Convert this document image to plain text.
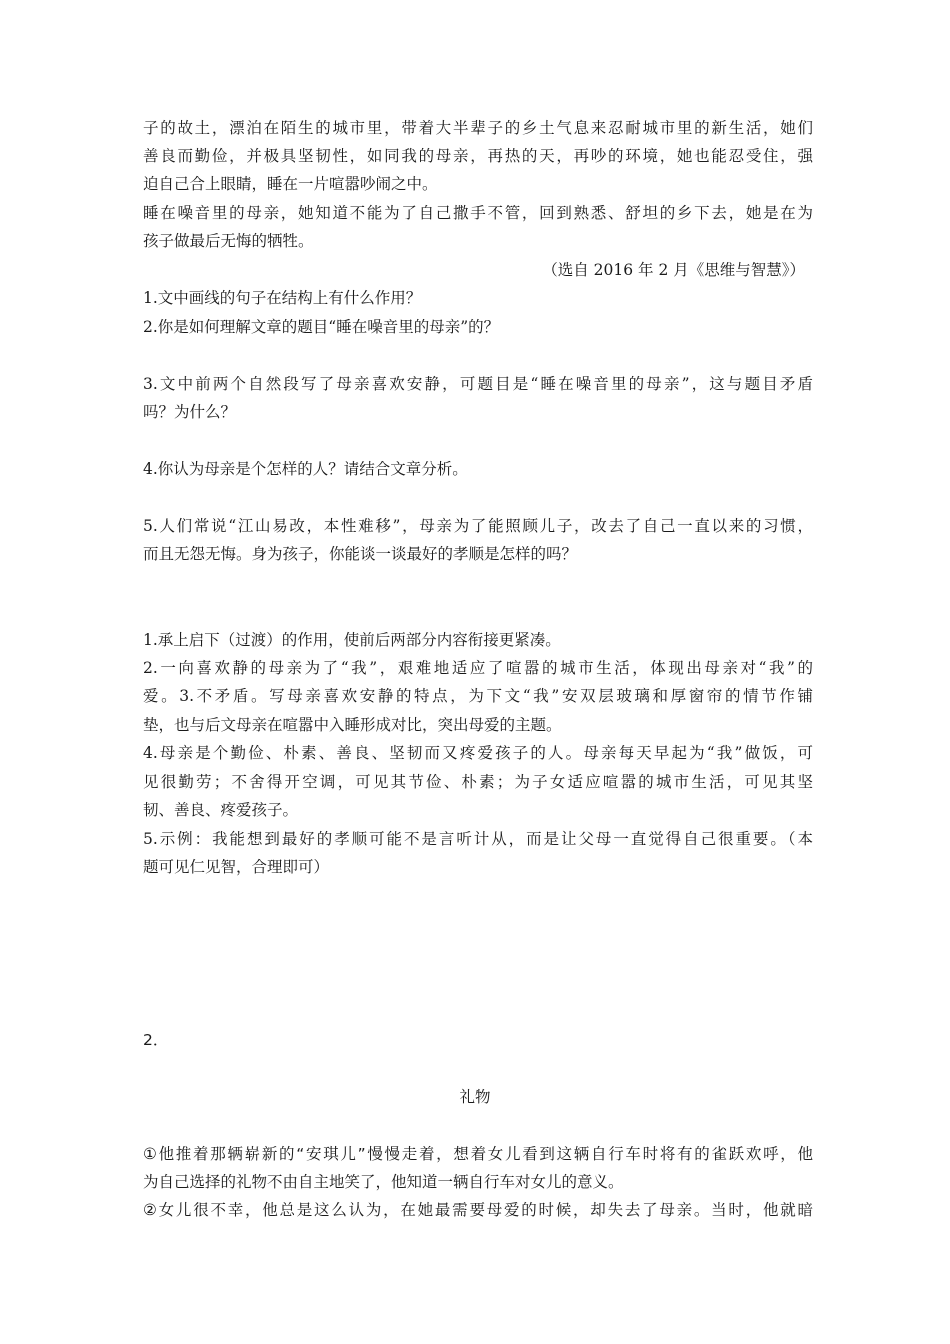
子的故土，漂泊在陌生的城市里，带着大半辈子的乡土气息来忍耐城市里的新生活，她们
善良而勤俭，并极具坚韧性，如同我的母亲，再热的天，再吵的环境，她也能忍受住，强
迫自己合上眼睛，睡在一片喧嚣吵闹之中。
睡在噪音里的母亲，她知道不能为了自己撒手不管，回到熟悉、舒坦的乡下去，她是在为
孩子做最后无悔的牺牲。
（选自 2016 年 2 月《思维与智慧》）
1.文中画线的句子在结构上有什么作用？
2.你是如何理解文章的题目“睡在噪音里的母亲”的？
3.文中前两个自然段写了母亲喜欢安静，可题目是“睡在噪音里的母亲”，这与题目矛盾
吗？为什么？
4.你认为母亲是个怎样的人？请结合文章分析。
5.人们常说“江山易改，本性难移”，母亲为了能照顾儿子，改去了自己一直以来的习惯，
而且无怨无悔。身为孩子，你能谈一谈最好的孝顺是怎样的吗？
1.承上启下（过渡）的作用，使前后两部分内容衔接更紧凑。
2.一向喜欢静的母亲为了“我”，艰难地适应了喧嚣的城市生活，体现出母亲对“我”的
爱。3.不矛盾。写母亲喜欢安静的特点，为下文“我”安双层玻璃和厚窗帘的情节作铺
垫，也与后文母亲在喧嚣中入睡形成对比，突出母爱的主题。
4.母亲是个勤俭、朴素、善良、坚韧而又疼爱孩子的人。母亲每天早起为“我”做饭，可
见很勤劳；不舍得开空调，可见其节俭、朴素；为子女适应喧嚣的城市生活，可见其坚
韧、善良、疼爱孩子。
5.示例：我能想到最好的孝顺可能不是言听计从，而是让父母一直觉得自己很重要。（本
题可见仁见智，合理即可）
2．
礼物
①他推着那辆崭新的“安琪儿”慢慢走着，想着女儿看到这辆自行车时将有的雀跃欢呼，他
为自己选择的礼物不由自主地笑了，他知道一辆自行车对女儿的意义。
②女儿很不幸，他总是这么认为，在她最需要母爱的时候，却失去了母亲。当时，他就暗
